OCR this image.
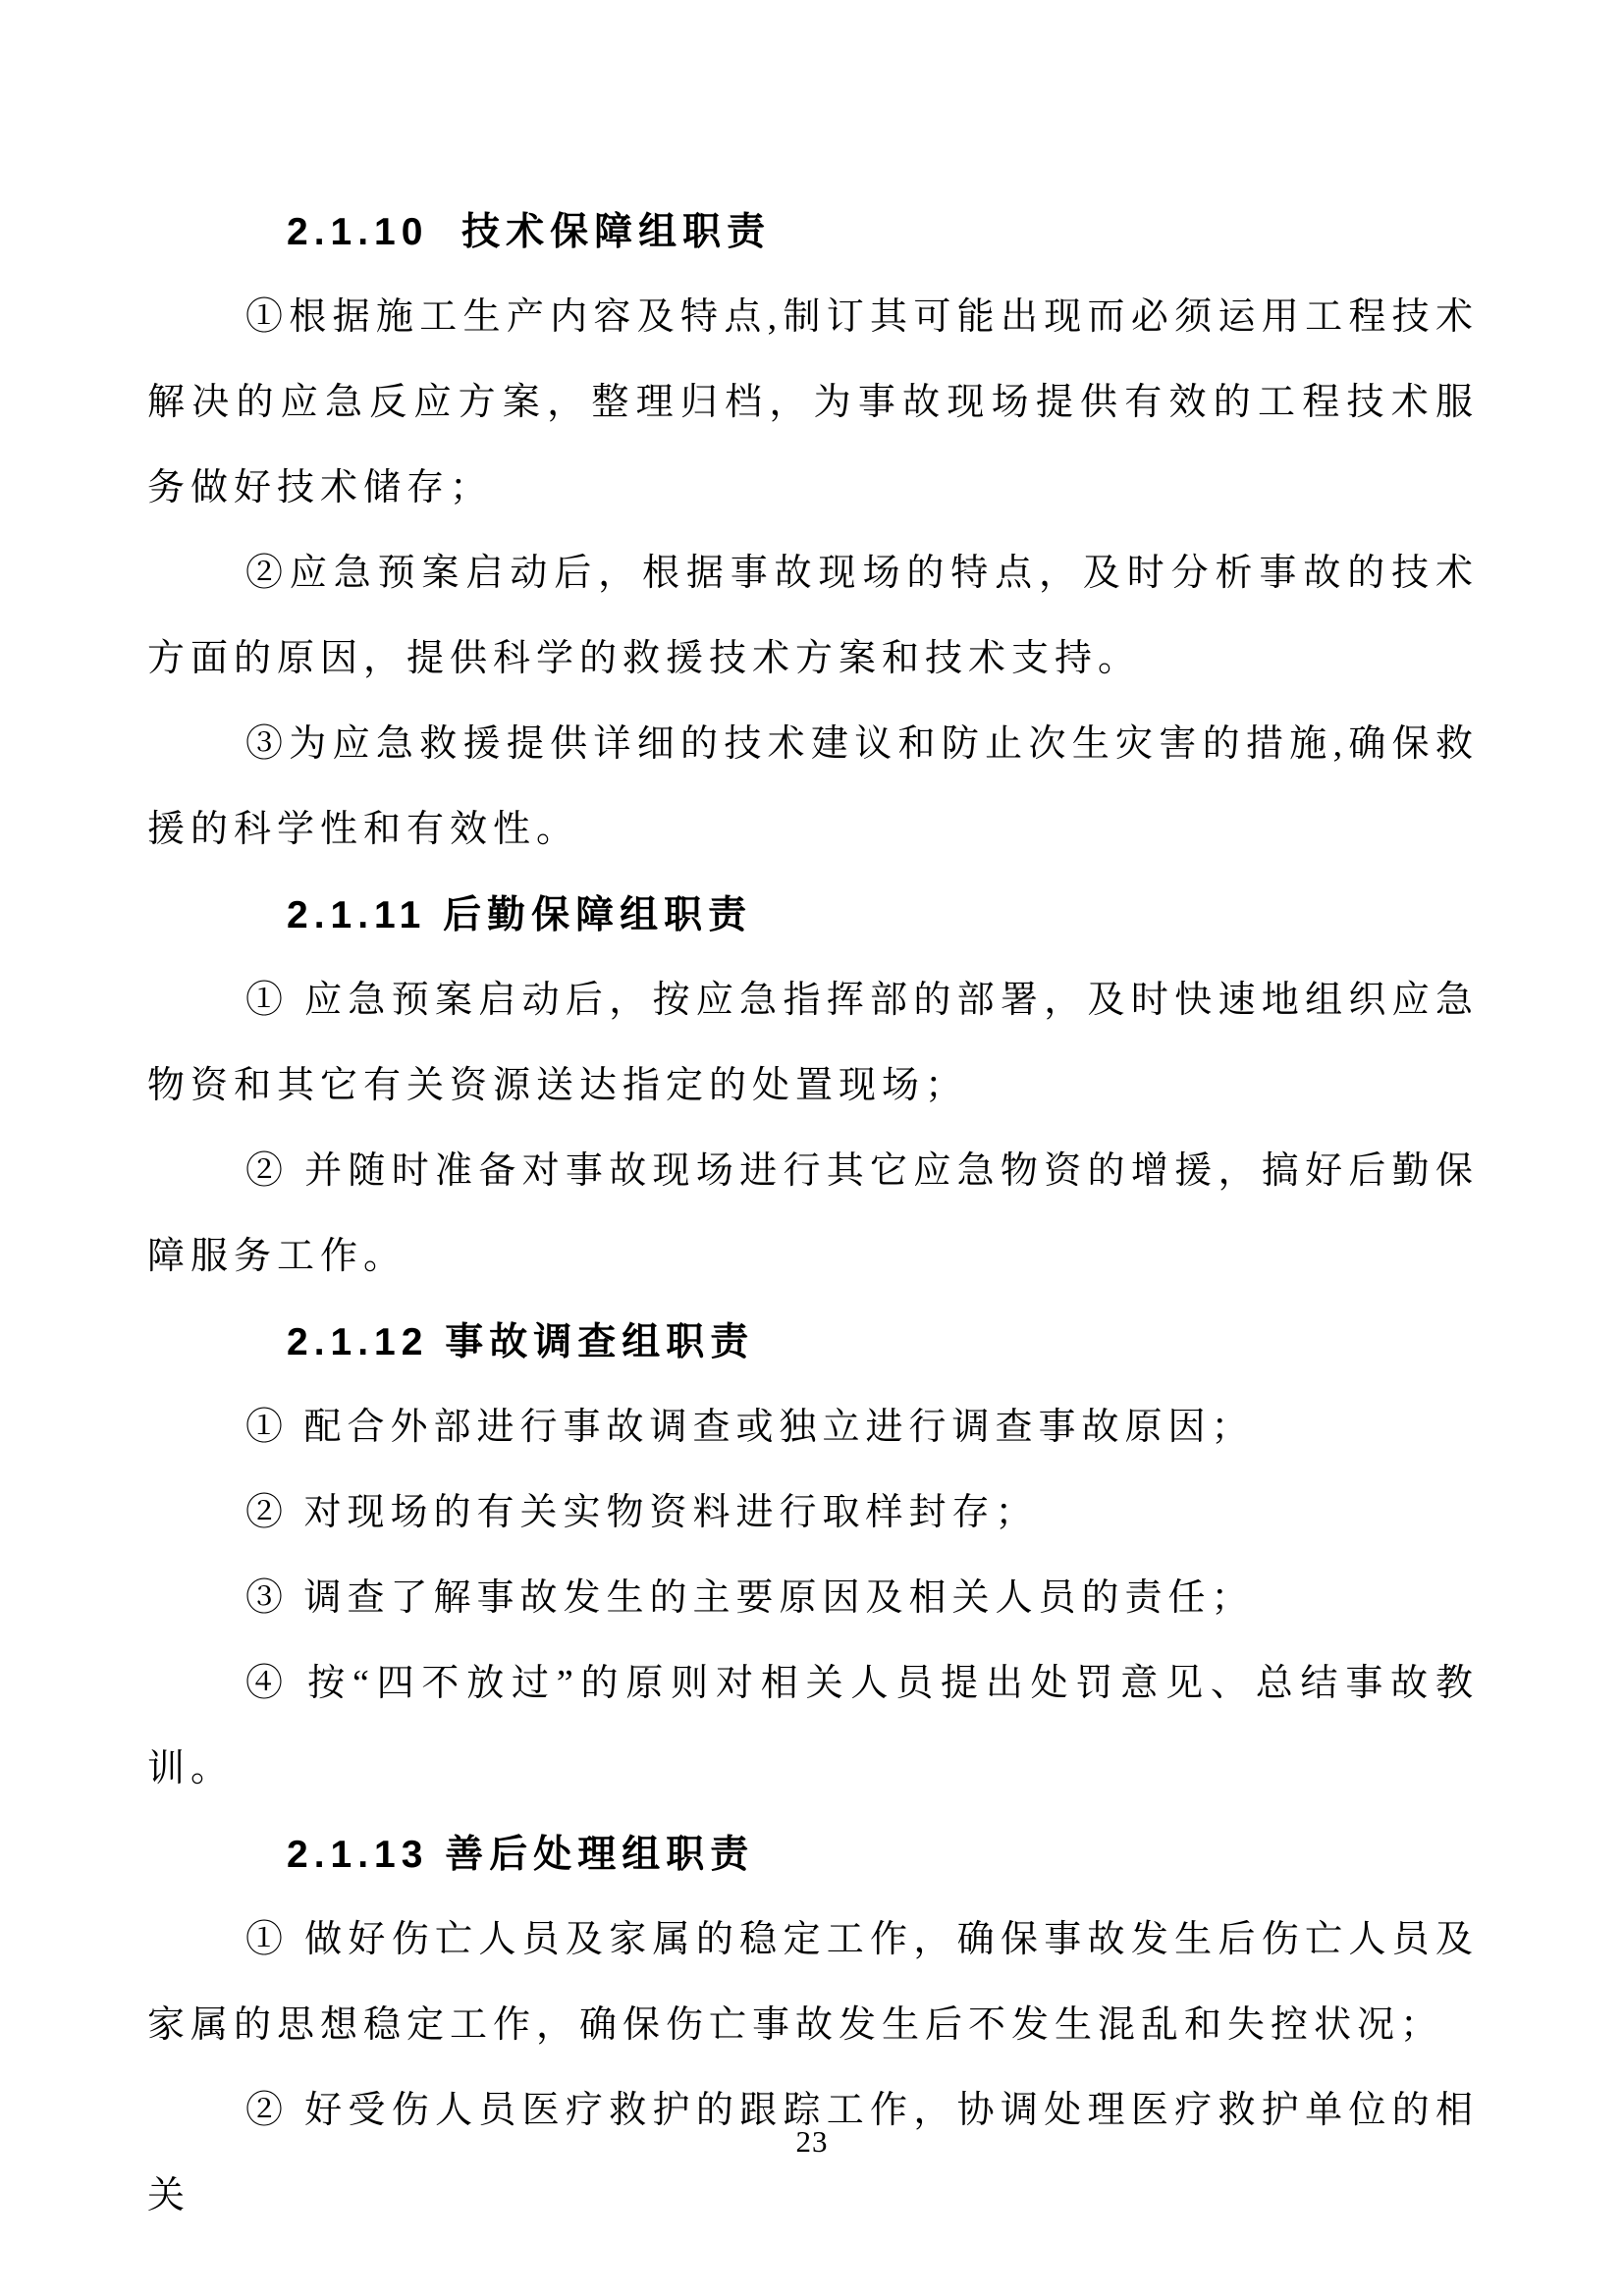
2.1.10  技术保障组职责

①根据施工生产内容及特点,制订其可能出现而必须运用工程技术解决的应急反应方案，整理归档，为事故现场提供有效的工程技术服务做好技术储存；

②应急预案启动后，根据事故现场的特点，及时分析事故的技术方面的原因，提供科学的救援技术方案和技术支持。

③为应急救援提供详细的技术建议和防止次生灾害的措施,确保救援的科学性和有效性。

2.1.11 后勤保障组职责

① 应急预案启动后，按应急指挥部的部署，及时快速地组织应急物资和其它有关资源送达指定的处置现场；

② 并随时准备对事故现场进行其它应急物资的增援，搞好后勤保障服务工作。

2.1.12 事故调查组职责

① 配合外部进行事故调查或独立进行调查事故原因；

② 对现场的有关实物资料进行取样封存；

③ 调查了解事故发生的主要原因及相关人员的责任；

④ 按“四不放过”的原则对相关人员提出处罚意见、总结事故教训。

2.1.13 善后处理组职责

① 做好伤亡人员及家属的稳定工作，确保事故发生后伤亡人员及家属的思想稳定工作，确保伤亡事故发生后不发生混乱和失控状况；

② 好受伤人员医疗救护的跟踪工作，协调处理医疗救护单位的相关

23
